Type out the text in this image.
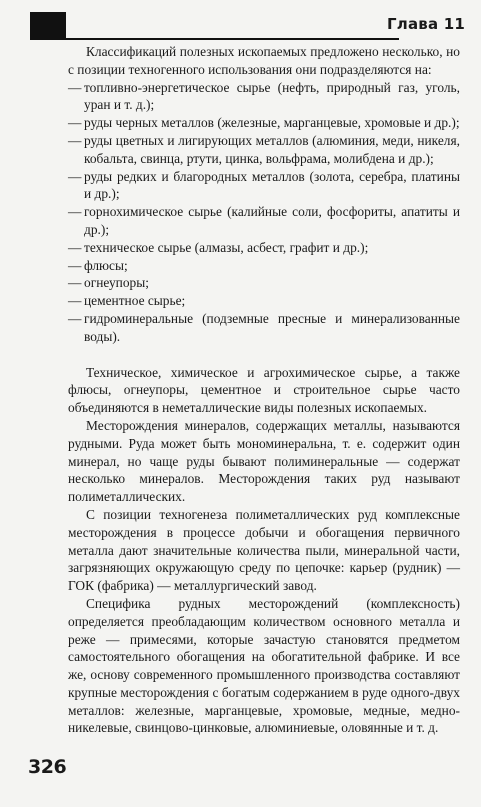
Глава 11

Классификаций полезных ископаемых предложено несколько, но с позиции техногенного использования они подразделяются на:

— топливно-энергетическое сырье (нефть, природный газ, уголь, уран и т. д.);
— руды черных металлов (железные, марганцевые, хромовые и др.);
— руды цветных и лигирующих металлов (алюминия, меди, никеля, кобальта, свинца, ртути, цинка, вольфрама, молибдена и др.);
— руды редких и благородных металлов (золота, серебра, платины и др.);
— горнохимическое сырье (калийные соли, фосфориты, апатиты и др.);
— техническое сырье (алмазы, асбест, графит и др.);
— флюсы;
— огнеупоры;
— цементное сырье;
— гидроминеральные (подземные пресные и минерализованные воды).

Техническое, химическое и агрохимическое сырье, а также флюсы, огнеупоры, цементное и строительное сырье часто объединяются в неметаллические виды полезных ископаемых.

Месторождения минералов, содержащих металлы, называются рудными. Руда может быть мономинеральна, т. е. содержит один минерал, но чаще руды бывают полиминеральные — содержат несколько минералов. Месторождения таких руд называют полиметаллических.

С позиции техногенеза полиметаллических руд комплексные месторождения в процессе добычи и обогащения первичного металла дают значительные количества пыли, минеральной части, загрязняющих окружающую среду по цепочке: карьер (рудник) — ГОК (фабрика) — металлургический завод.

Специфика рудных месторождений (комплексность) определяется преобладающим количеством основного металла и реже — примесями, которые зачастую становятся предметом самостоятельного обогащения на обогатительной фабрике. И все же, основу современного промышленного производства составляют крупные месторождения с богатым содержанием в руде одного-двух металлов: железные, марганцевые, хромовые, медные, медно-никелевые, свинцово-цинковые, алюминиевые, оловянные и т. д.

326
